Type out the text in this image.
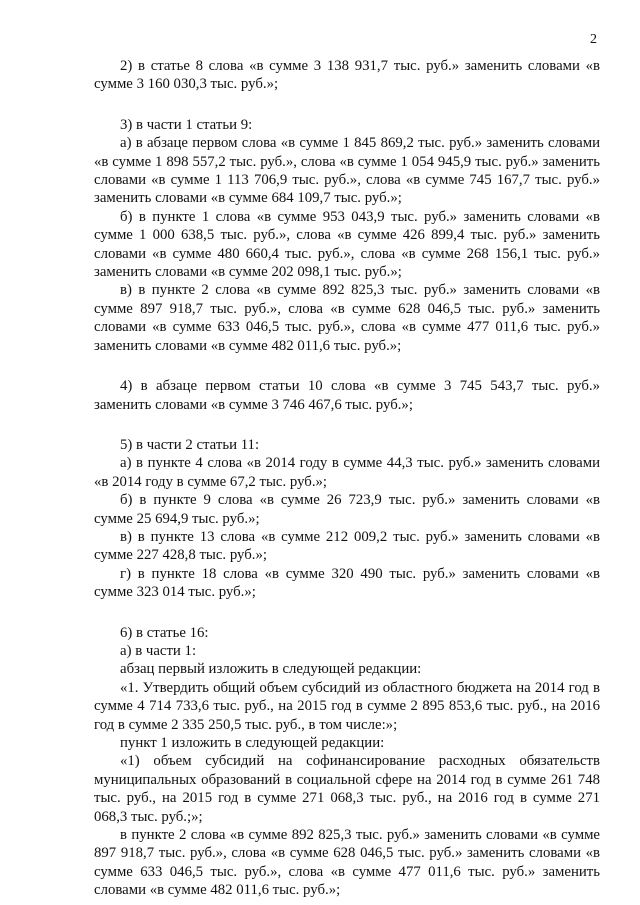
2

2) в статье 8 слова «в сумме 3 138 931,7 тыс. руб.» заменить словами «в сумме 3 160 030,3 тыс. руб.»;

3) в части 1 статьи 9:

а) в абзаце первом слова «в сумме 1 845 869,2 тыс. руб.» заменить словами «в сумме 1 898 557,2 тыс. руб.», слова «в сумме 1 054 945,9 тыс. руб.» заменить словами «в сумме 1 113 706,9 тыс. руб.», слова «в сумме 745 167,7 тыс. руб.» заменить словами «в сумме 684 109,7 тыс. руб.»;

б) в пункте 1 слова «в сумме 953 043,9 тыс. руб.» заменить словами «в сумме 1 000 638,5 тыс. руб.», слова «в сумме 426 899,4 тыс. руб.» заменить словами «в сумме 480 660,4 тыс. руб.», слова «в сумме 268 156,1 тыс. руб.» заменить словами «в сумме 202 098,1 тыс. руб.»;

в) в пункте 2 слова «в сумме 892 825,3 тыс. руб.» заменить словами «в сумме 897 918,7 тыс. руб.», слова «в сумме 628 046,5 тыс. руб.» заменить словами «в сумме 633 046,5 тыс. руб.», слова «в сумме 477 011,6 тыс. руб.» заменить словами «в сумме 482 011,6 тыс. руб.»;

4) в абзаце первом статьи 10 слова «в сумме 3 745 543,7 тыс. руб.» заменить словами «в сумме 3 746 467,6 тыс. руб.»;

5) в части 2 статьи 11:

а) в пункте 4 слова «в 2014 году в сумме 44,3 тыс. руб.» заменить словами «в 2014 году в сумме 67,2 тыс. руб.»;

б) в пункте 9 слова «в сумме 26 723,9 тыс. руб.» заменить словами «в сумме 25 694,9 тыс. руб.»;

в) в пункте 13 слова «в сумме 212 009,2 тыс. руб.» заменить словами «в сумме 227 428,8 тыс. руб.»;

г) в пункте 18 слова «в сумме 320 490 тыс. руб.» заменить словами «в сумме 323 014 тыс. руб.»;

6) в статье 16:

а) в части 1:

абзац первый изложить в следующей редакции:

«1. Утвердить общий объем субсидий из областного бюджета на 2014 год в сумме 4 714 733,6 тыс. руб., на 2015 год в сумме 2 895 853,6 тыс. руб., на 2016 год в сумме 2 335 250,5 тыс. руб., в том числе:»;

пункт 1 изложить в следующей редакции:

«1) объем субсидий на софинансирование расходных обязательств муниципальных образований в социальной сфере на 2014 год в сумме 261 748 тыс. руб., на 2015 год в сумме 271 068,3 тыс. руб., на 2016 год в сумме 271 068,3 тыс. руб.;»;

в пункте 2 слова «в сумме 892 825,3 тыс. руб.» заменить словами «в сумме 897 918,7 тыс. руб.», слова «в сумме 628 046,5 тыс. руб.» заменить словами «в сумме 633 046,5 тыс. руб.», слова «в сумме 477 011,6 тыс. руб.» заменить словами «в сумме 482 011,6 тыс. руб.»;
